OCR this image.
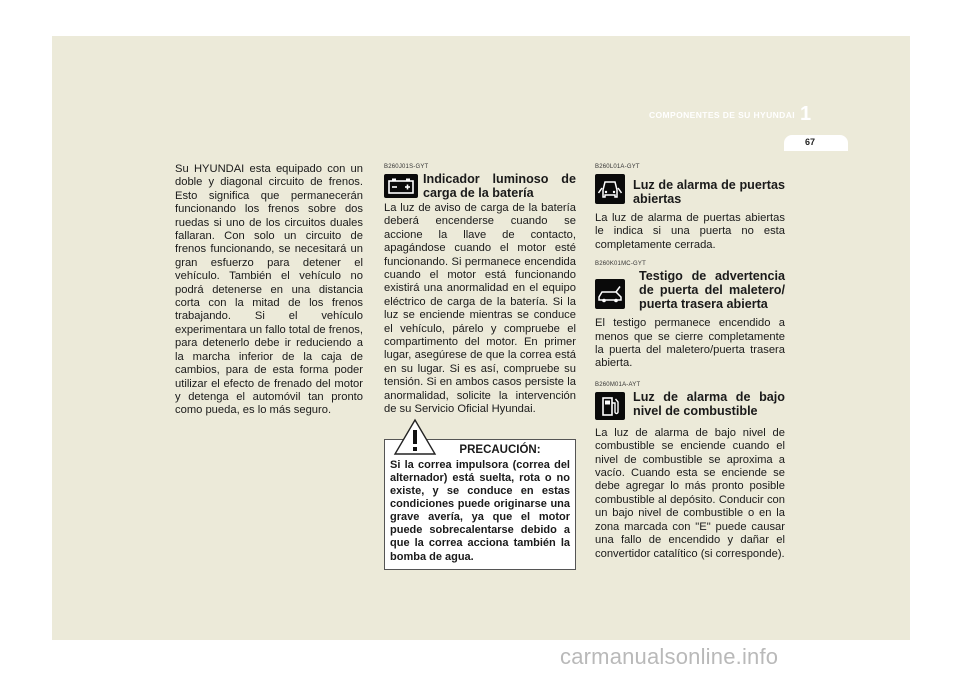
COMPONENTES DE SU HYUNDAI 1
67
Su HYUNDAI esta equipado con un doble y diagonal circuito de frenos. Esto significa que permanecerán funcionando los frenos sobre dos ruedas si uno de los circuitos duales fallaran. Con solo un circuito de frenos funcionando, se necesitará un gran esfuerzo para detener el vehículo. También el vehículo no podrá detenerse en una distancia corta con la mitad de los frenos trabajando. Si el vehículo experimentara un fallo total de frenos, para detenerlo debe ir reduciendo a la marcha inferior de la caja de cambios, para de esta forma poder utilizar el efecto de frenado del motor y detenga el automóvil tan pronto como pueda, es lo más seguro.
B260J01S-GYT
Indicador luminoso de carga de la batería

La luz de aviso de carga de la batería deberá encenderse cuando se accione la llave de contacto, apagándose cuando el motor esté funcionando. Si permanece encendida cuando el motor está funcionando existirá una anormalidad en el equipo eléctrico de carga de la batería. Si la luz se enciende mientras se conduce el vehículo, párelo y compruebe el compartimento del motor. En primer lugar, asegúrese de que la correa está en su lugar. Si es así, compruebe su tensión. Si en ambos casos persiste la anormalidad, solicite la intervención de su Servicio Oficial Hyundai.

PRECAUCIÓN:
Si la correa impulsora (correa del alternador) está suelta, rota o no existe, y se conduce en estas condiciones puede originarse una grave avería, ya que el motor puede sobrecalentarse debido a que la correa acciona también la bomba de agua.
B260L01A-GYT
Luz de alarma de puertas abiertas

La luz de alarma de puertas abiertas le indica si una puerta no esta completamente cerrada.

B260K01MC-GYT
Testigo de advertencia de puerta del maletero/ puerta trasera abierta

El testigo permanece encendido a menos que se cierre completamente la puerta del maletero/puerta trasera abierta.

B260M01A-AYT
Luz de alarma de bajo nivel de combustible

La luz de alarma de bajo nivel de combustible se enciende cuando el nivel de combustible se aproxima a vacío. Cuando esta se enciende se debe agregar lo más pronto posible combustible al depósito. Conducir con un bajo nivel de combustible o en la zona marcada con "E" puede causar una fallo de encendido y dañar el convertidor catalítico (si corresponde).

carmanualsonline.info
